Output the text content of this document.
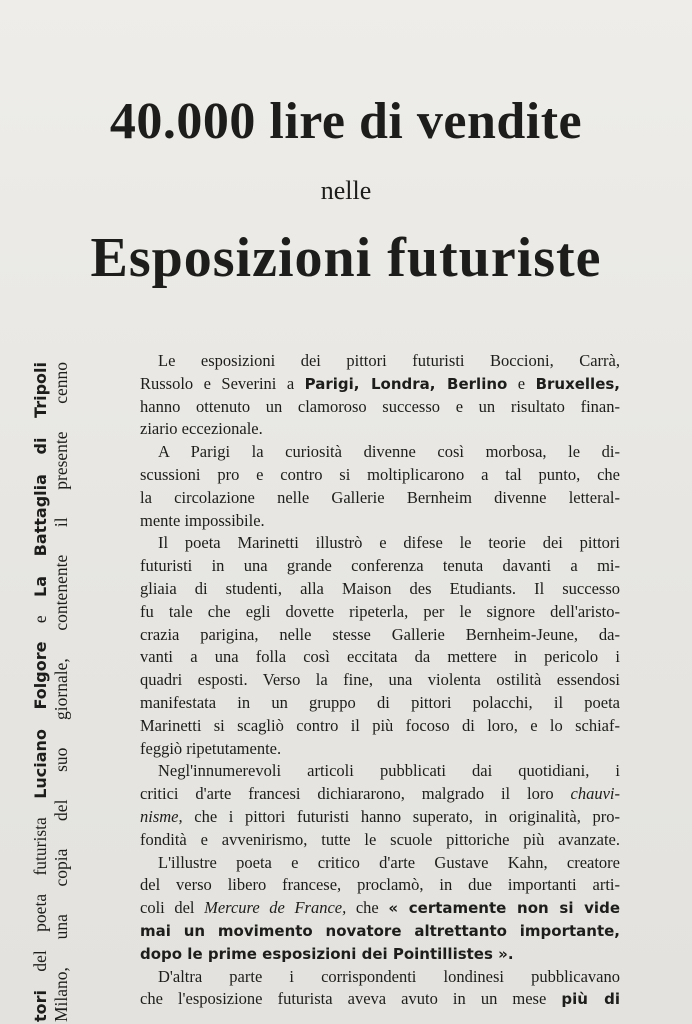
40.000 lire di vendite
nelle
Esposizioni futuriste
tori del poeta futurista Luciano Folgore e La Battaglia di Tripoli Milano, una copia del suo giornale, contenente il presente cenno
Le esposizioni dei pittori futuristi Boccioni, Carrà,
Russolo e Severini a Parigi, Londra, Berlino e Bruxelles,
hanno ottenuto un clamoroso successo e un risultato finan-
ziario eccezionale.
A Parigi la curiosità divenne così morbosa, le di-
scussioni pro e contro si moltiplicarono a tal punto, che
la circolazione nelle Gallerie Bernheim divenne letteral-
mente impossibile.
Il poeta Marinetti illustrò e difese le teorie dei pittori
futuristi in una grande conferenza tenuta davanti a mi-
gliaia di studenti, alla Maison des Etudiants. Il successo
fu tale che egli dovette ripeterla, per le signore dell'aristo-
crazia parigina, nelle stesse Gallerie Bernheim-Jeune, da-
vanti a una folla così eccitata da mettere in pericolo i
quadri esposti. Verso la fine, una violenta ostilità essendosi
manifestata in un gruppo di pittori polacchi, il poeta
Marinetti si scagliò contro il più focoso di loro, e lo schiaf-
feggiò ripetutamente.
Negl'innumerevoli articoli pubblicati dai quotidiani, i
critici d'arte francesi dichiararono, malgrado il loro chauvi-
nisme, che i pittori futuristi hanno superato, in originalità, pro-
fondità e avvenirismo, tutte le scuole pittoriche più avanzate.
L'illustre poeta e critico d'arte Gustave Kahn, creatore
del verso libero francese, proclamò, in due importanti arti-
coli del Mercure de France, che « certamente non si vide
mai un movimento novatore altrettanto importante,
dopo le prime esposizioni dei Pointillistes ».
D'altra parte i corrispondenti londinesi pubblicavano
che l'esposizione futurista aveva avuto in un mese più di
